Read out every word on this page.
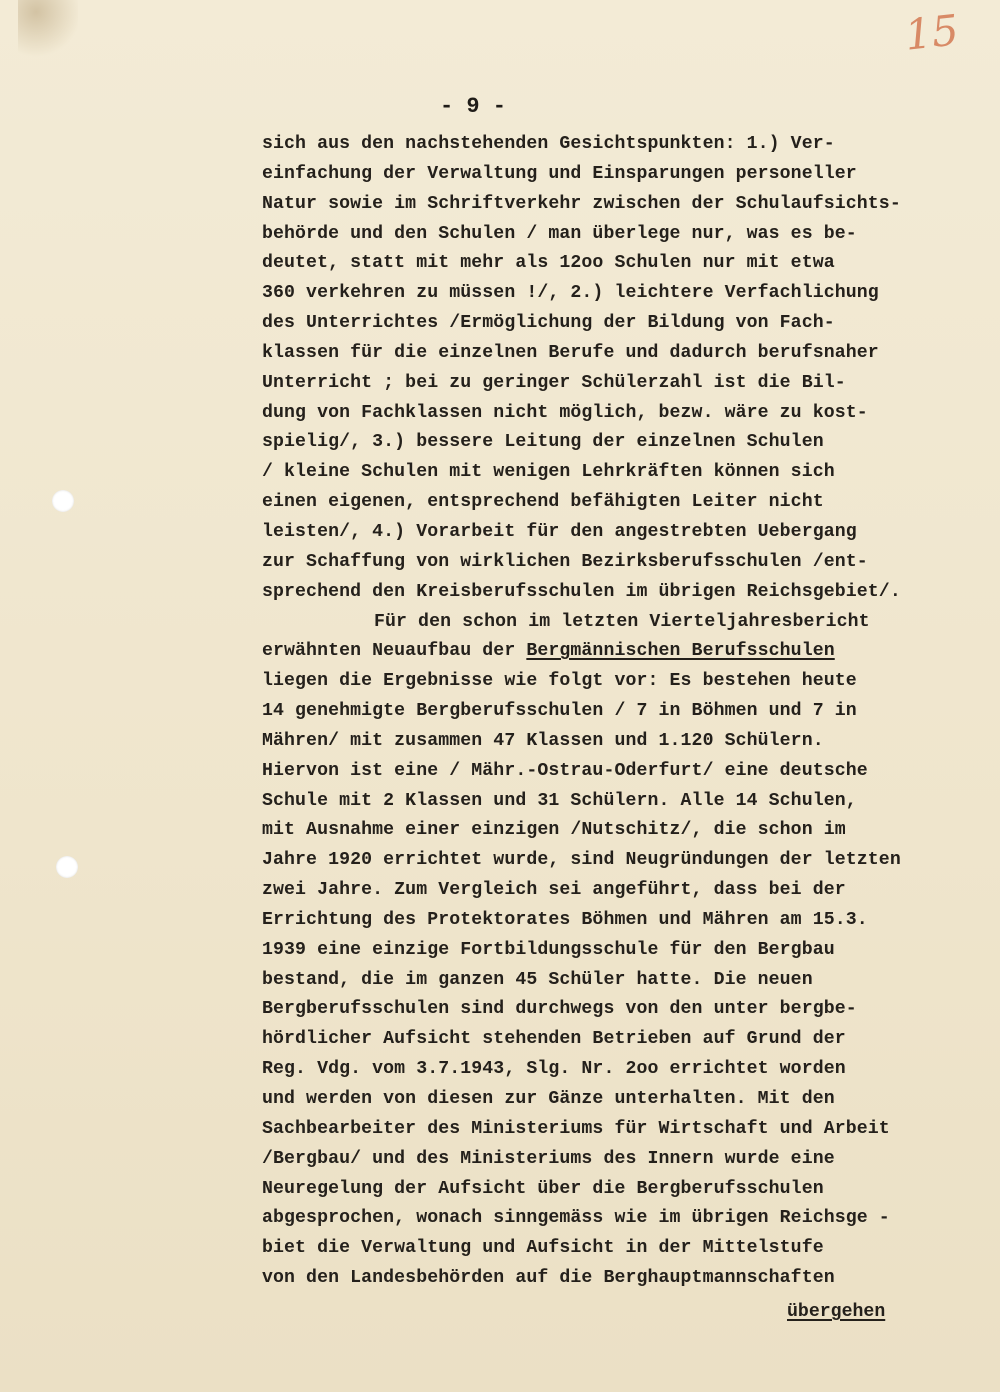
15
- 9 -
sich aus den nachstehenden Gesichtspunkten: 1.) Ver-
einfachung der Verwaltung und Einsparungen personeller
Natur sowie im Schriftverkehr zwischen der Schulaufsichts-
behörde und den Schulen / man überlege nur, was es be-
deutet, statt mit mehr als 12oo Schulen nur mit etwa
360 verkehren zu müssen !/, 2.) leichtere Verfachlichung
des Unterrichtes /Ermöglichung der Bildung von Fach-
klassen für die einzelnen Berufe und dadurch berufsnaher
Unterricht ; bei zu geringer Schülerzahl ist die Bil-
dung von Fachklassen nicht möglich, bezw. wäre zu kost-
spielig/, 3.) bessere Leitung der einzelnen Schulen
/ kleine Schulen mit wenigen Lehrkräften können sich
einen eigenen, entsprechend befähigten Leiter nicht
leisten/, 4.) Vorarbeit für den angestrebten Uebergang
zur Schaffung von wirklichen Bezirksberufsschulen /ent-
sprechend den Kreisberufsschulen im übrigen Reichsgebiet/.
Für den schon im letzten Vierteljahresbericht
erwähnten Neuaufbau der Bergmännischen Berufsschulen
liegen die Ergebnisse wie folgt vor: Es bestehen heute
14 genehmigte Bergberufsschulen / 7 in Böhmen und 7 in
Mähren/ mit zusammen 47 Klassen und 1.120 Schülern.
Hiervon ist eine / Mähr.-Ostrau-Oderfurt/ eine deutsche
Schule mit 2 Klassen und 31 Schülern. Alle 14 Schulen,
mit Ausnahme einer einzigen /Nutschitz/, die schon im
Jahre 1920 errichtet wurde, sind Neugründungen der letzten
zwei Jahre. Zum Vergleich sei angeführt, dass bei der
Errichtung des Protektorates Böhmen und Mähren am 15.3.
1939 eine einzige Fortbildungsschule für den Bergbau
bestand, die im ganzen 45 Schüler hatte. Die neuen
Bergberufsschulen sind durchwegs von den unter bergbe-
hördlicher Aufsicht stehenden Betrieben auf Grund der
Reg. Vdg. vom 3.7.1943, Slg. Nr. 2oo errichtet worden
und werden von diesen zur Gänze unterhalten. Mit den
Sachbearbeiter des Ministeriums für Wirtschaft und Arbeit
/Bergbau/ und des Ministeriums des Innern wurde eine
Neuregelung der Aufsicht über die Bergberufsschulen
abgesprochen, wonach sinngemäss wie im übrigen Reichsge -
biet die Verwaltung und Aufsicht in der Mittelstufe
von den Landesbehörden auf die Berghauptmannschaften
übergehen
